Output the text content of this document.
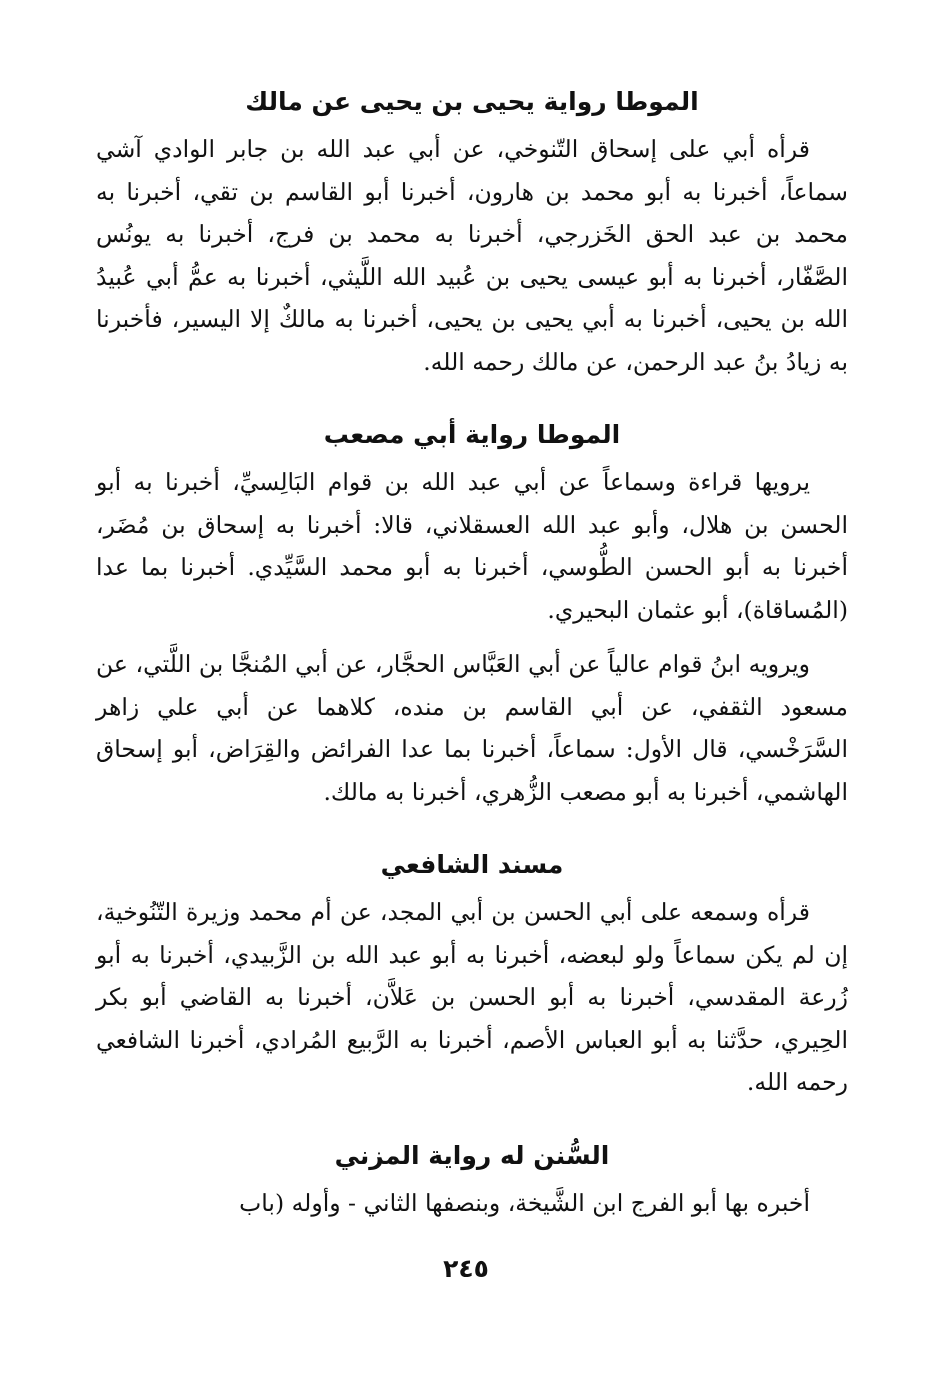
الموطا رواية يحيى بن يحيى عن مالك

قرأه أبي على إسحاق التّنوخي، عن أبي عبد الله بن جابر الوادي آشي سماعاً، أخبرنا به أبو محمد بن هارون، أخبرنا أبو القاسم بن تقي، أخبرنا به محمد بن عبد الحق الخَزرجي، أخبرنا به محمد بن فرج، أخبرنا به يونُس الصَّفّار، أخبرنا به أبو عيسى يحيى بن عُبيد الله اللَّيثي، أخبرنا به عمُّ أبي عُبيدُ الله بن يحيى، أخبرنا به أبي يحيى بن يحيى، أخبرنا به مالكٌ إلا اليسير، فأخبرنا به زيادُ بنُ عبد الرحمن، عن مالك رحمه الله.

الموطا رواية أبي مصعب

يرويها قراءة وسماعاً عن أبي عبد الله بن قوام البَالِسيِّ، أخبرنا به أبو الحسن بن هلال، وأبو عبد الله العسقلاني، قالا: أخبرنا به إسحاق بن مُضَر، أخبرنا به أبو الحسن الطُّوسي، أخبرنا به أبو محمد السَّيِّدي. أخبرنا بما عدا (المُساقاة)، أبو عثمان البحيري.

ويرويه ابنُ قوام عالياً عن أبي العَبَّاس الحجَّار، عن أبي المُنجَّا بن اللَّتي، عن مسعود الثقفي، عن أبي القاسم بن منده، كلاهما عن أبي علي زاهر السَّرَخْسي، قال الأول: سماعاً، أخبرنا بما عدا الفرائض والقِرَاض، أبو إسحاق الهاشمي، أخبرنا به أبو مصعب الزُّهري، أخبرنا به مالك.

مسند الشافعي

قرأه وسمعه على أبي الحسن بن أبي المجد، عن أم محمد وزيرة التّنُوخية، إن لم يكن سماعاً ولو لبعضه، أخبرنا به أبو عبد الله بن الزَّبيدي، أخبرنا به أبو زُرعة المقدسي، أخبرنا به أبو الحسن بن عَلاَّن، أخبرنا به القاضي أبو بكر الحِيري، حدَّثنا به أبو العباس الأصم، أخبرنا به الرَّبيع المُرادي، أخبرنا الشافعي رحمه الله.

السُّنن له رواية المزني

أخبره بها أبو الفرج ابن الشَّيخة، وبنصفها الثاني - وأوله (باب

٢٤٥
